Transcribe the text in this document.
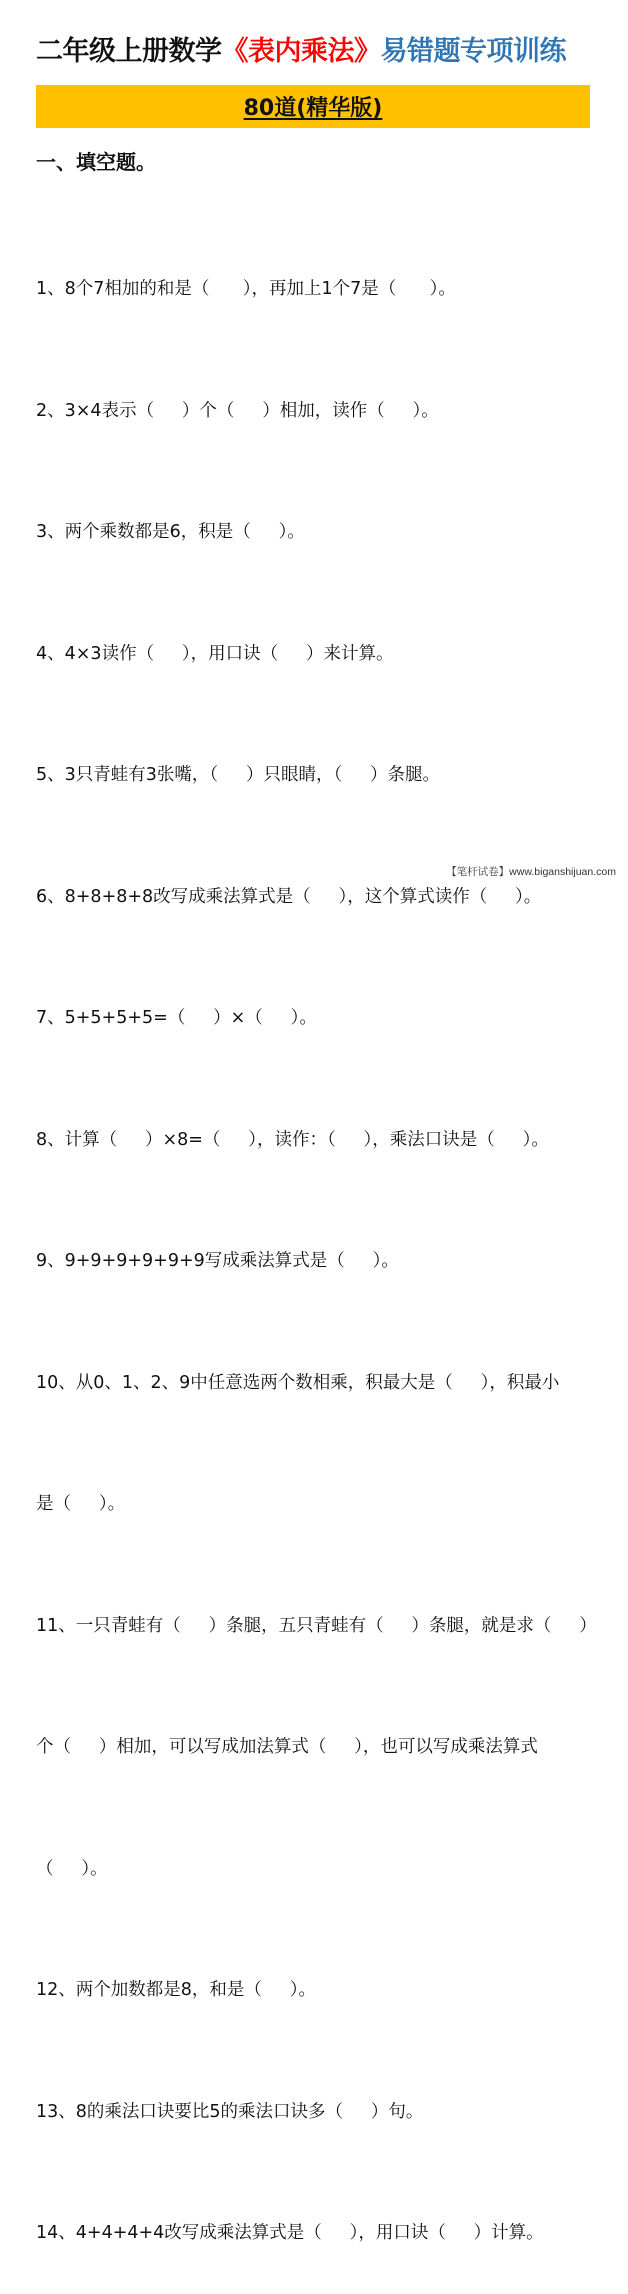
二年级上册数学《表内乘法》易错题专项训练
80道(精华版)
一、填空题。

1、8个7相加的和是（      ），再加上1个7是（      ）。

2、3×4表示（     ）个（     ）相加，读作（     ）。

3、两个乘数都是6，积是（     ）。

4、4×3读作（     ），用口诀（     ）来计算。

5、3只青蛙有3张嘴，（     ）只眼睛，（     ）条腿。

6、8+8+8+8改写成乘法算式是（     ），这个算式读作（     ）。

7、5+5+5+5=（     ）×（     ）。

8、计算（     ）×8=（     ），读作：（     ），乘法口诀是（     ）。

9、9+9+9+9+9+9写成乘法算式是（     ）。

10、从0、1、2、9中任意选两个数相乘，积最大是（     ），积最小

是（     ）。

11、一只青蛙有（     ）条腿，五只青蛙有（     ）条腿，就是求（     ）

个（     ）相加，可以写成加法算式（     ），也可以写成乘法算式

（     ）。

12、两个加数都是8，和是（     ）。

13、8的乘法口诀要比5的乘法口诀多（     ）句。

14、4+4+4+4改写成乘法算式是（     ），用口诀（     ）计算。

【笔杆试卷】www.biganshijuan.com
